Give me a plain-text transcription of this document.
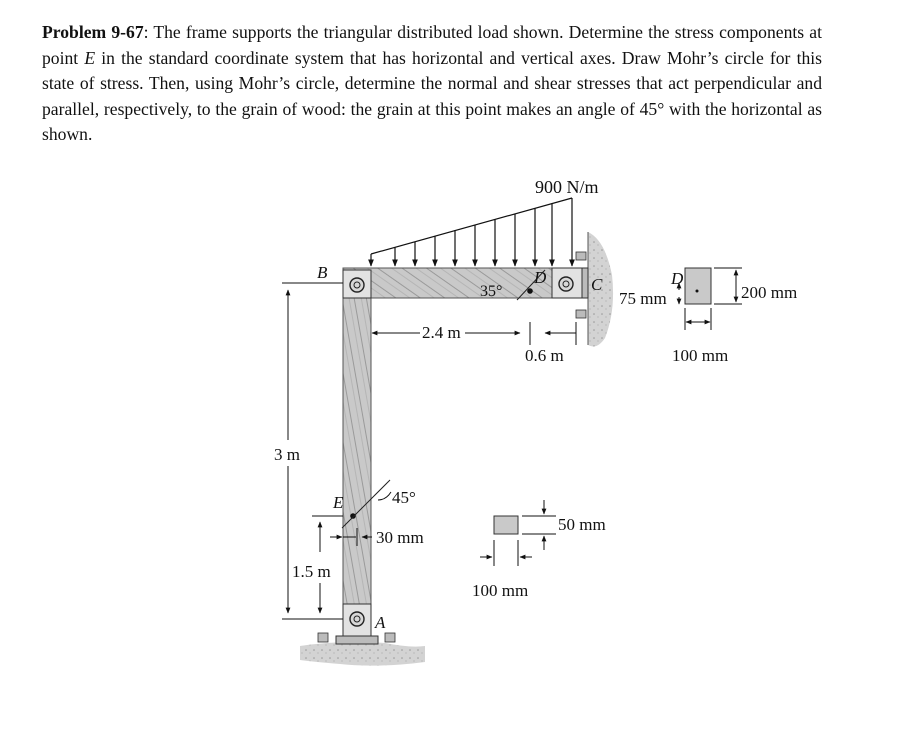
Problem 9-67: The frame supports the triangular distributed load shown. Determine the stress components at point E in the standard coordinate system that has horizontal and vertical axes. Draw Mohr’s circle for this state of stress. Then, using Mohr’s circle, determine the normal and shear stresses that act perpendicular and parallel, respectively, to the grain of wood: the grain at this point makes an angle of 45° with the horizontal as shown.
900 N/m
35°
D	C
B
A
2.4 m
0.6 m
3 m
E	45°
1.5 m
30 mm
50 mm
100 mm
D
200 mm
75 mm
100 mm
